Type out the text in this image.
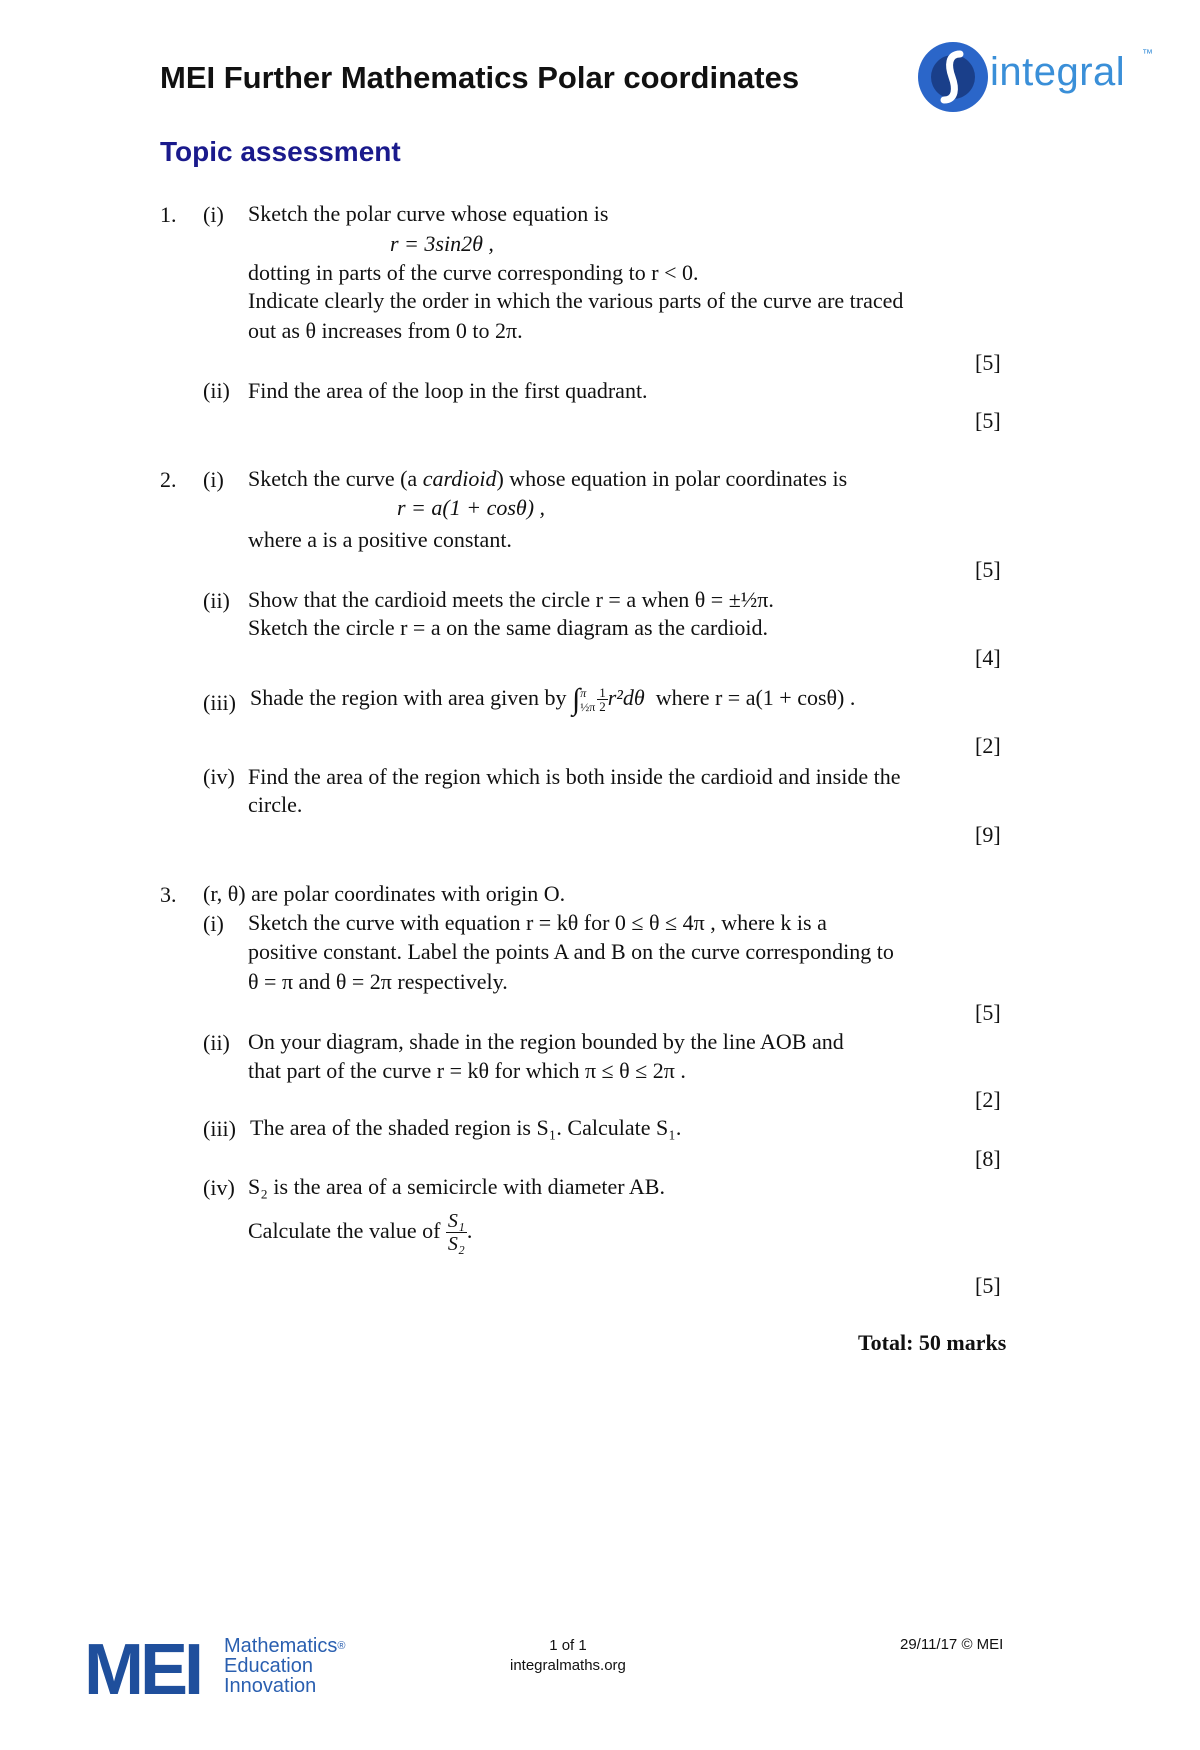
MEI Further Mathematics Polar coordinates	integral ™
Topic assessment
1. (i) Sketch the polar curve whose equation is
r = 3sin2θ ,
dotting in parts of the curve corresponding to r < 0.
Indicate clearly the order in which the various parts of the curve are traced
out as θ increases from 0 to 2π.
[5]
(ii) Find the area of the loop in the first quadrant.
[5]
2. (i) Sketch the curve (a cardioid) whose equation in polar coordinates is
r = a(1 + cosθ) ,
where a is a positive constant.
[5]
(ii) Show that the cardioid meets the circle r = a when θ = ±½π.
Sketch the circle r = a on the same diagram as the cardioid.
[4]
(iii) Shade the region with area given by ∫ π
½π $\frac{1}{2} r^2d\theta$ where r = a(1 + cosθ) .
[2]
(iv) Find the area of the region which is both inside the cardioid and inside the
circle.
[9]
3. (r, θ) are polar coordinates with origin O.
(i) Sketch the curve with equation r = kθ for 0 ≤ θ ≤ 4π , where k is a
positive constant. Label the points A and B on the curve corresponding to
θ = π and θ = 2π respectively.
[5]
(ii) On your diagram, shade in the region bounded by the line AOB and
that part of the curve r = kθ for which π ≤ θ ≤ 2π .
[2]
(iii) The area of the shaded region is S₁. Calculate S₁.
[8]
(iv) S₂ is the area of a semicircle with diameter AB.
Calculate the value of $\frac{\text{S₁}}{\text{S₂}}$ .
[5]
Total: 50 marks
MEI Mathematics®
Education
Innovation
1 of 1
integralmaths.org
29/11/17 © MEI
